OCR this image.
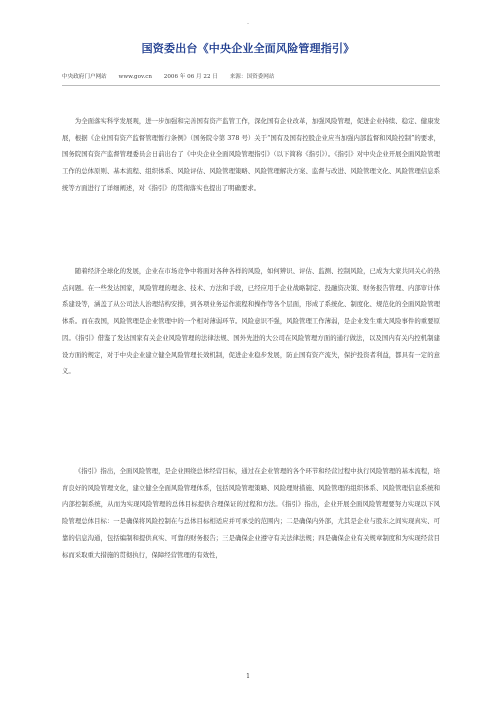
-
国资委出台《中央企业全面风险管理指引》
中央政府门户网站 www.gov.cn 2006 年 06 月 22 日 来源：国资委网站

为全面落实科学发展观，进一步加强和完善国有资产监管工作，深化国有企业改革，加强风险管理，促进企业持续、稳定、健康发展，根据《企业国有资产监督管理暂行条例》（国务院令第 378 号）关于“国有及国有控股企业应当加强内部监督和风险控制”的要求，国务院国有资产监督管理委员会日前出台了《中央企业全面风险管理指引》（以下简称《指引》）。《指引》对中央企业开展全面风险管理工作的总体原则、基本流程、组织体系、风险评估、风险管理策略、风险管理解决方案、监督与改进、风险管理文化、风险管理信息系统等方面进行了详细阐述，对《指引》的贯彻落实也提出了明确要求。

随着经济全球化的发展，企业在市场竞争中将面对各种各样的风险，如何辨识、评估、监测、控制风险，已成为大家共同关心的热点问题。在一些发达国家，风险管理的理念、技术、方法和手段，已经应用于企业战略制定、投融资决策、财务报告管理、内部审计体系建设等，涵盖了从公司法人治理结构安排，到各项业务运作流程和操作等各个层面，形成了系统化、制度化、规范化的全面风险管理体系。而在我国，风险管理是企业管理中的一个相对薄弱环节。风险意识不强，风险管理工作薄弱，是企业发生重大风险事件的重要原因。《指引》借鉴了发达国家有关企业风险管理的法律法规、国外先进的大公司在风险管理方面的通行做法，以及国内有关内控机制建设方面的规定，对于中央企业建立健全风险管理长效机制，促进企业稳步发展，防止国有资产流失，保护投资者利益，都具有一定的意义。

《指引》指出，全面风险管理，是企业围绕总体经营目标，通过在企业管理的各个环节和经营过程中执行风险管理的基本流程，培育良好的风险管理文化，建立健全全面风险管理体系，包括风险管理策略、风险理财措施、风险管理的组织体系、风险管理信息系统和内部控制系统，从而为实现风险管理的总体目标提供合理保证的过程和方法。《指引》指出，企业开展全面风险管理要努力实现以下风险管理总体目标：一是确保将风险控制在与总体目标相适应并可承受的范围内；二是确保内外部，尤其是企业与股东之间实现真实、可靠的信息沟通，包括编制和提供真实、可靠的财务报告；三是确保企业遵守有关法律法规；四是确保企业有关规章制度和为实现经营目标而采取重大措施的贯彻执行，保障经营管理的有效性，

1
